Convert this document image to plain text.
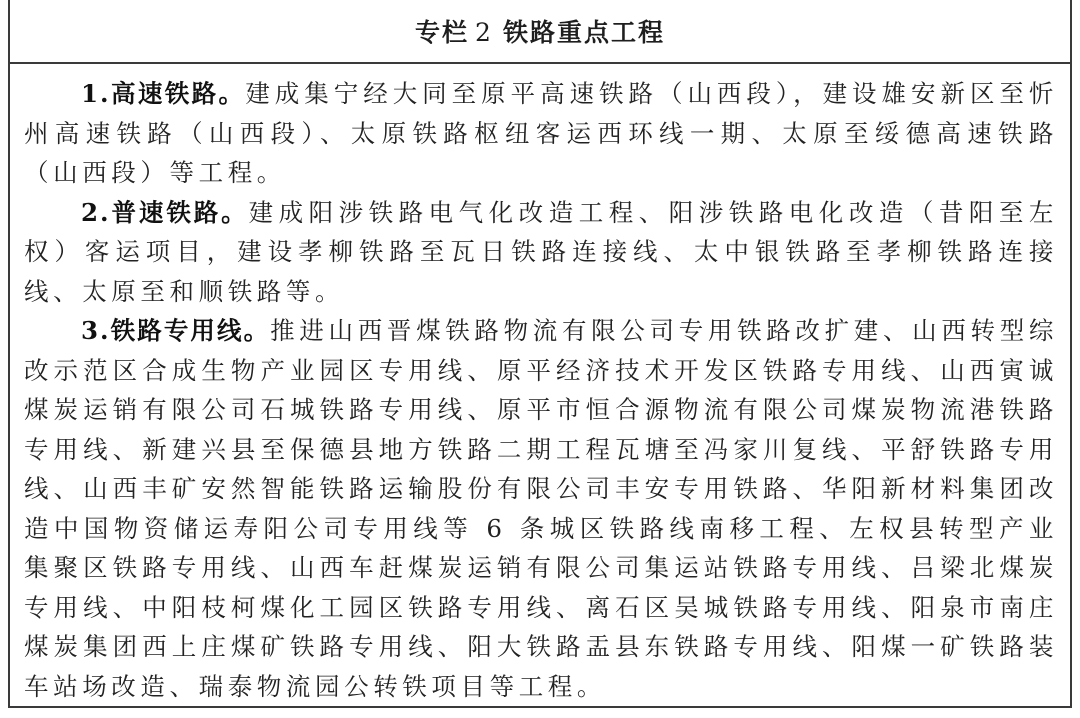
专栏 2 铁路重点工程

1.高速铁路。建成集宁经大同至原平高速铁路（山西段），建设雄安新区至忻州高速铁路（山西段）、太原铁路枢纽客运西环线一期、太原至绥德高速铁路（山西段）等工程。

2.普速铁路。建成阳涉铁路电气化改造工程、阳涉铁路电化改造（昔阳至左权）客运项目，建设孝柳铁路至瓦日铁路连接线、太中银铁路至孝柳铁路连接线、太原至和顺铁路等。

3.铁路专用线。推进山西晋煤铁路物流有限公司专用铁路改扩建、山西转型综改示范区合成生物产业园区专用线、原平经济技术开发区铁路专用线、山西寅诚煤炭运销有限公司石城铁路专用线、原平市恒合源物流有限公司煤炭物流港铁路专用线、新建兴县至保德县地方铁路二期工程瓦塘至冯家川复线、平舒铁路专用线、山西丰矿安然智能铁路运输股份有限公司丰安专用铁路、华阳新材料集团改造中国物资储运寿阳公司专用线等 6 条城区铁路线南移工程、左权县转型产业集聚区铁路专用线、山西车赶煤炭运销有限公司集运站铁路专用线、吕梁北煤炭专用线、中阳枝柯煤化工园区铁路专用线、离石区吴城铁路专用线、阳泉市南庄煤炭集团西上庄煤矿铁路专用线、阳大铁路盂县东铁路专用线、阳煤一矿铁路装车站场改造、瑞泰物流园公转铁项目等工程。
